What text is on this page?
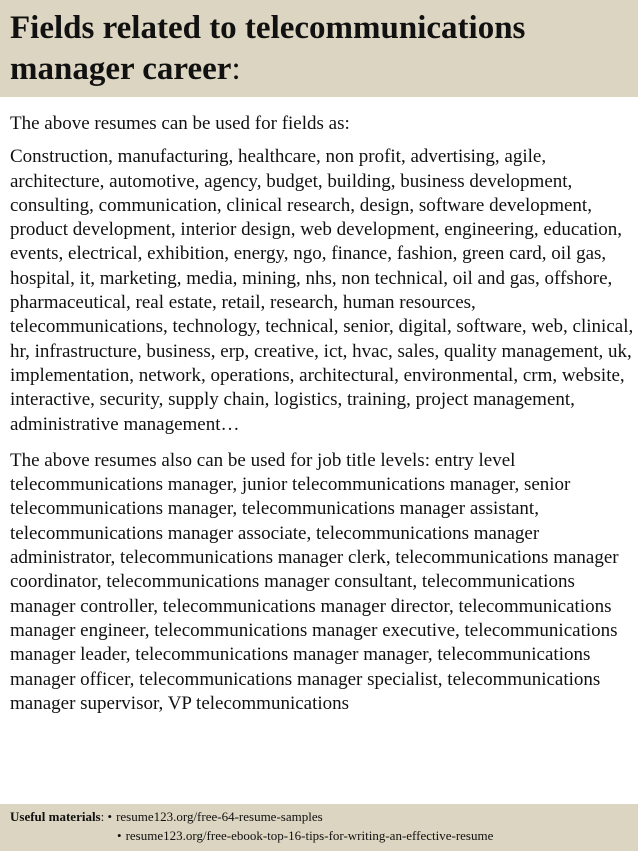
Fields related to telecommunications manager career:

The above resumes can be used for fields as:

Construction, manufacturing, healthcare, non profit, advertising, agile, architecture, automotive, agency, budget, building, business development, consulting, communication, clinical research, design, software development, product development, interior design, web development, engineering, education, events, electrical, exhibition, energy, ngo, finance, fashion, green card, oil gas, hospital, it, marketing, media, mining, nhs, non technical, oil and gas, offshore, pharmaceutical, real estate, retail, research, human resources, telecommunications, technology, technical, senior, digital, software, web, clinical, hr, infrastructure, business, erp, creative, ict, hvac, sales, quality management, uk, implementation, network, operations, architectural, environmental, crm, website, interactive, security, supply chain, logistics, training, project management, administrative management…

The above resumes also can be used for job title levels: entry level telecommunications manager, junior telecommunications manager, senior telecommunications manager, telecommunications manager assistant, telecommunications manager associate, telecommunications manager administrator, telecommunications manager clerk, telecommunications manager coordinator, telecommunications manager consultant, telecommunications manager controller, telecommunications manager director, telecommunications manager engineer, telecommunications manager executive, telecommunications manager leader, telecommunications manager manager, telecommunications manager officer, telecommunications manager specialist, telecommunications manager supervisor, VP telecommunications

Useful materials: • resume123.org/free-64-resume-samples
• resume123.org/free-ebook-top-16-tips-for-writing-an-effective-resume
